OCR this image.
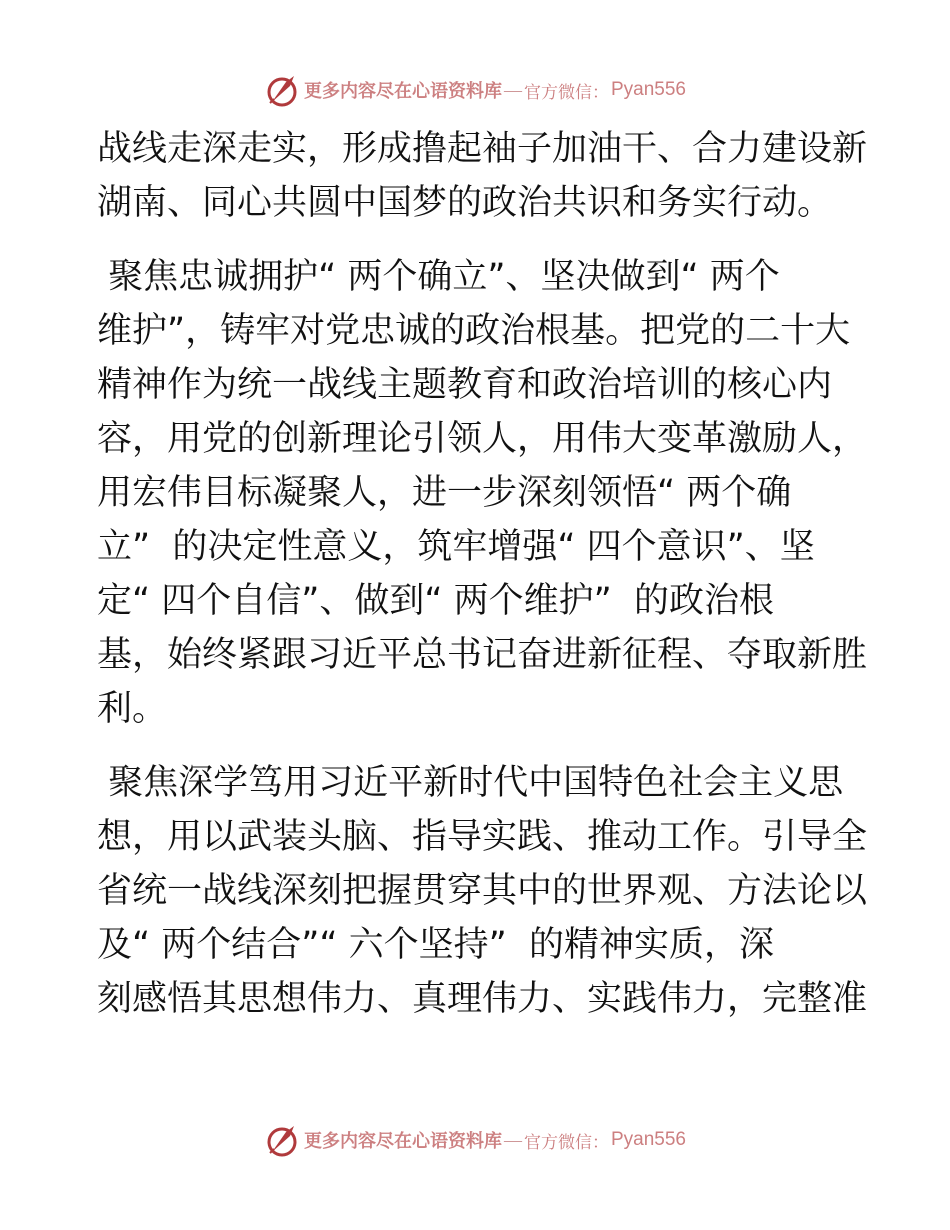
更多内容尽在心语资料库 — 官方微信： Pyan556
战线走深走实，形成撸起袖子加油干、合力建设新
湖南、同心共圆中国梦的政治共识和务实行动。
聚焦忠诚拥护“ 两个确立”、坚决做到“ 两个
维护”，铸牢对党忠诚的政治根基。把党的二十大
精神作为统一战线主题教育和政治培训的核心内
容，用党的创新理论引领人，用伟大变革激励人，
用宏伟目标凝聚人，进一步深刻领悟“ 两个确
立”  的决定性意义，筑牢增强“ 四个意识”、坚
定“ 四个自信”、做到“ 两个维护”  的政治根
基，始终紧跟习近平总书记奋进新征程、夺取新胜
利。
聚焦深学笃用习近平新时代中国特色社会主义思
想，用以武装头脑、指导实践、推动工作。引导全
省统一战线深刻把握贯穿其中的世界观、方法论以
及“ 两个结合”“ 六个坚持”  的精神实质，深
刻感悟其思想伟力、真理伟力、实践伟力，完整准
更多内容尽在心语资料库 — 官方微信： Pyan556
